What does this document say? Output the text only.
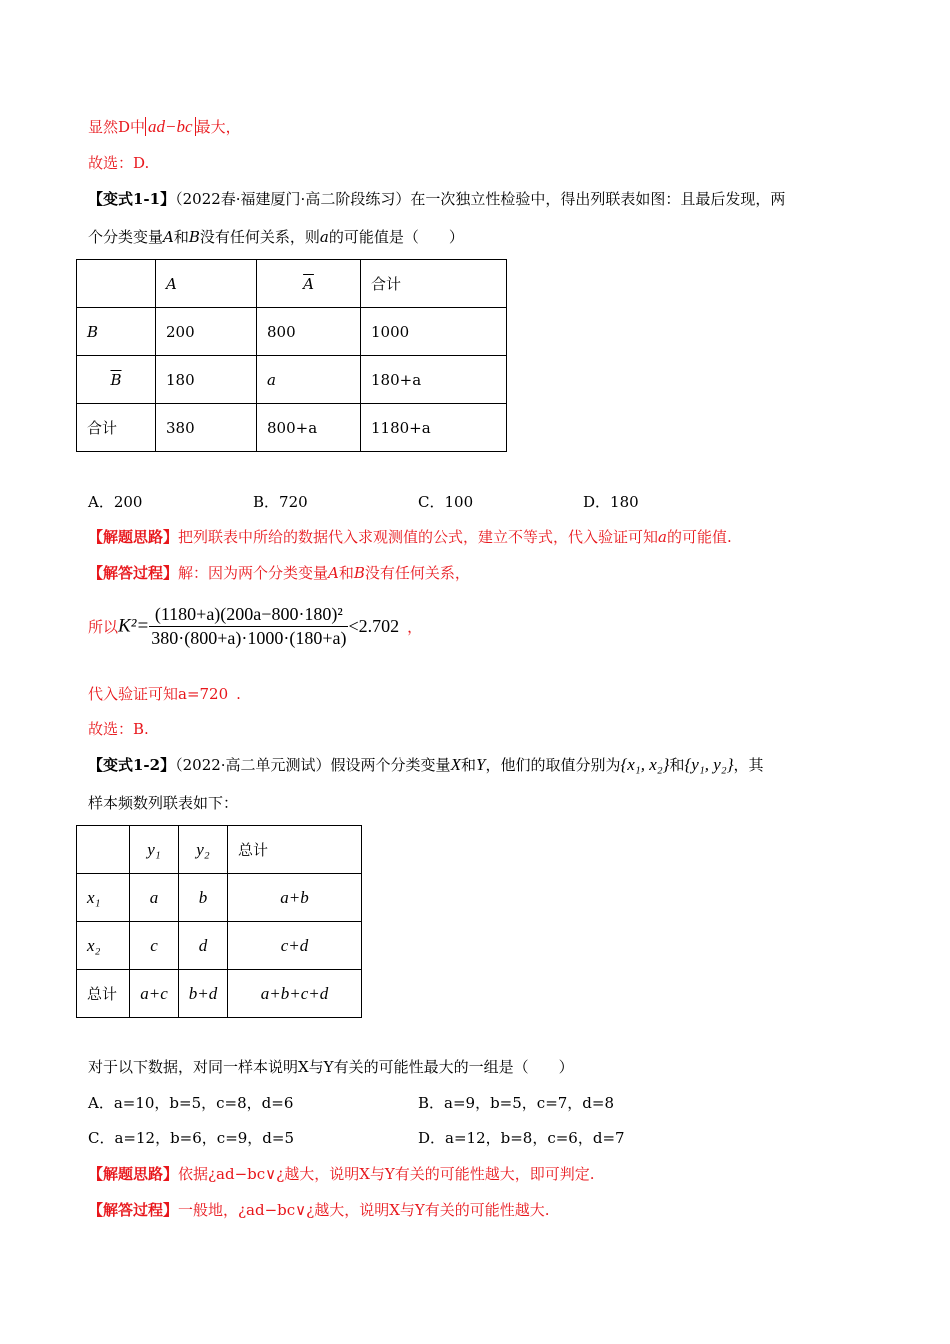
显然D中 ad−bc 最大，
故选：D.
【变式1-1】（2022春·福建厦门·高二阶段练习）在一次独立性检验中，得出列联表如图：且最后发现，两
个分类变量A和B没有任何关系，则a的可能值是（　　）
	A	$\overline{A}$	合计
B	200	800	1000
$\overline{B}$	180	a	180+a
合计	380	800+a	1180+a
A．200	B．720	C．100	D．180
【解题思路】把列联表中所给的数据代入求观测值的公式，建立不等式，代入验证可知a的可能值.
【解答过程】解：因为两个分类变量A和B没有任何关系，
所以$K^2= \frac{\text{(1180+a)(200a−800·180)²}}{380\cdot(800+a)\cdot 1000\cdot(180+a)} <2.702$ ，
代入验证可知a=720 .
故选：B.
【变式1-2】（2022·高二单元测试）假设两个分类变量X和Y，他们的取值分别为{x₁, x₂}和{y₁, y₂}，其
样本频数列联表如下：
	y₁	y₂	总计
x₁	a	b	a+b
x₂	c	d	c+d
总计	a+c	b+d	a+b+c+d
对于以下数据，对同一样本说明X与Y有关的可能性最大的一组是（　　）
A．a=10，b=5，c=8，d=6	B．a=9，b=5，c=7，d=8
C．a=12，b=6，c=9，d=5	D．a=12，b=8，c=6，d=7
【解题思路】依据¿ad−bc∨¿越大，说明X与Y有关的可能性越大，即可判定.
【解答过程】一般地，¿ad−bc∨¿越大，说明X与Y有关的可能性越大.
